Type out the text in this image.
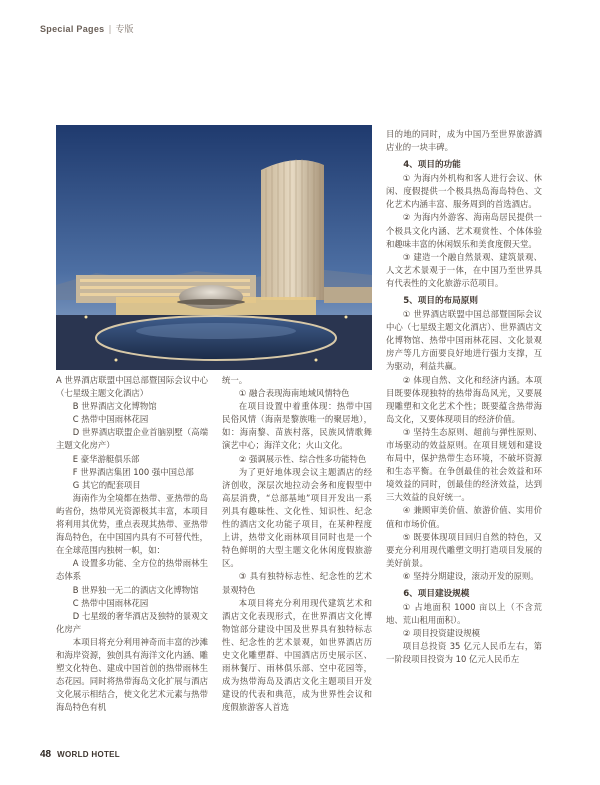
Special Pages | 专版

A 世界酒店联盟中国总部暨国际会议中心（七星级主题文化酒店）

B 世界酒店文化博物馆

C 热带中国雨林花园

D 世界酒店联盟企业首脑别墅（高端主题文化房产）

E 豪华游艇俱乐部

F 世界酒店集团 100 强中国总部

G 其它的配套项目

海南作为全境都在热带、亚热带的岛屿省份，热带风光资源极其丰富，本项目将利用其优势，重点表现其热带、亚热带海岛特色，在中国国内具有不可替代性，在全球范围内独树一帜，如：

A 设置多功能、全方位的热带雨林生态体系

B 世界独一无二的酒店文化博物馆

C 热带中国雨林花园

D 七星级的奢华酒店及独特的景观文化房产

本项目将充分利用神奇而丰富的沙滩和海岸资源，独创具有海洋文化内涵、雕塑文化特色、建成中国首创的热带雨林生态花园。同时将热带海岛文化扩展与酒店文化展示相结合，使文化艺术元素与热带海岛特色有机

统一。

① 融合表现海南地域风情特色

在项目设置中着重体现：热带中国民俗风情（海南是黎族唯一的聚居地），如：海南黎、苗族村落，民族风情歌舞演艺中心；海洋文化；火山文化。

② 强调展示性、综合性多功能特色

为了更好地体现会议主题酒店的经济创收，深层次地拉动会务和度假型中高层消费，“总部基地”项目开发出一系列具有趣味性、文化性、知识性、纪念性的酒店文化功能子项目，在某种程度上讲，热带文化雨林项目同时也是一个特色鲜明的大型主题文化休闲度假旅游区。

③ 具有独特标志性、纪念性的艺术景观特色

本项目将充分利用现代建筑艺术和酒店文化表现形式，在世界酒店文化博物馆部分建设中国及世界具有独特标志性、纪念性的艺术景观，如世界酒店历史文化雕塑群、中国酒店历史展示区、雨林餐厅、雨林俱乐部、空中花园等，成为热带海岛及酒店文化主题项目开发建设的代表和典范，成为世界性会议和度假旅游客人首选

目的地的同时，成为中国乃至世界旅游酒店业的一块丰碑。

4、项目的功能

① 为海内外机构和客人进行会议、休闲、度假提供一个极具热岛海岛特色、文化艺术内涵丰富、服务周到的首选酒店。

② 为海内外游客、海南岛居民提供一个极具文化内涵、艺术观赏性、个体体验和趣味丰富的休闲娱乐和美食度假天堂。

③ 建造一个融自然景观、建筑景观、人文艺术景观于一体，在中国乃至世界具有代表性的文化旅游示范项目。

5、项目的布局原则

① 世界酒店联盟中国总部暨国际会议中心（七星级主题文化酒店）、世界酒店文化博物馆、热带中国雨林花园、文化景观房产等几方面要良好地进行强力支撑，互为驱动，利益共赢。

② 体现自然、文化和经济内涵。本项目既要体现独特的热带海岛风光，又要展现雕塑和文化艺术个性；既要蕴含热带海岛文化，又要体现项目的经济价值。

③ 坚持生态原则、超前与弹性原则、市场驱动的效益原则。在项目规划和建设布局中，保护热带生态环境，不破坏资源和生态平衡。在争创最佳的社会效益和环境效益的同时，创最佳的经济效益，达到三大效益的良好统一。

④ 兼顾审美价值、旅游价值、实用价值和市场价值。

⑤ 既要体现项目回归自然的特色，又要充分利用现代雕塑文明打造项目发展的美好前景。

⑥ 坚持分期建设，滚动开发的原则。

6、项目建设规模

① 占地面积 1000 亩以上（不含荒地、荒山租用面积）。

② 项目投资建设规模

项目总投资 35 亿元人民币左右，第一阶段项目投资为 10 亿元人民币左

48 WORLD HOTEL
